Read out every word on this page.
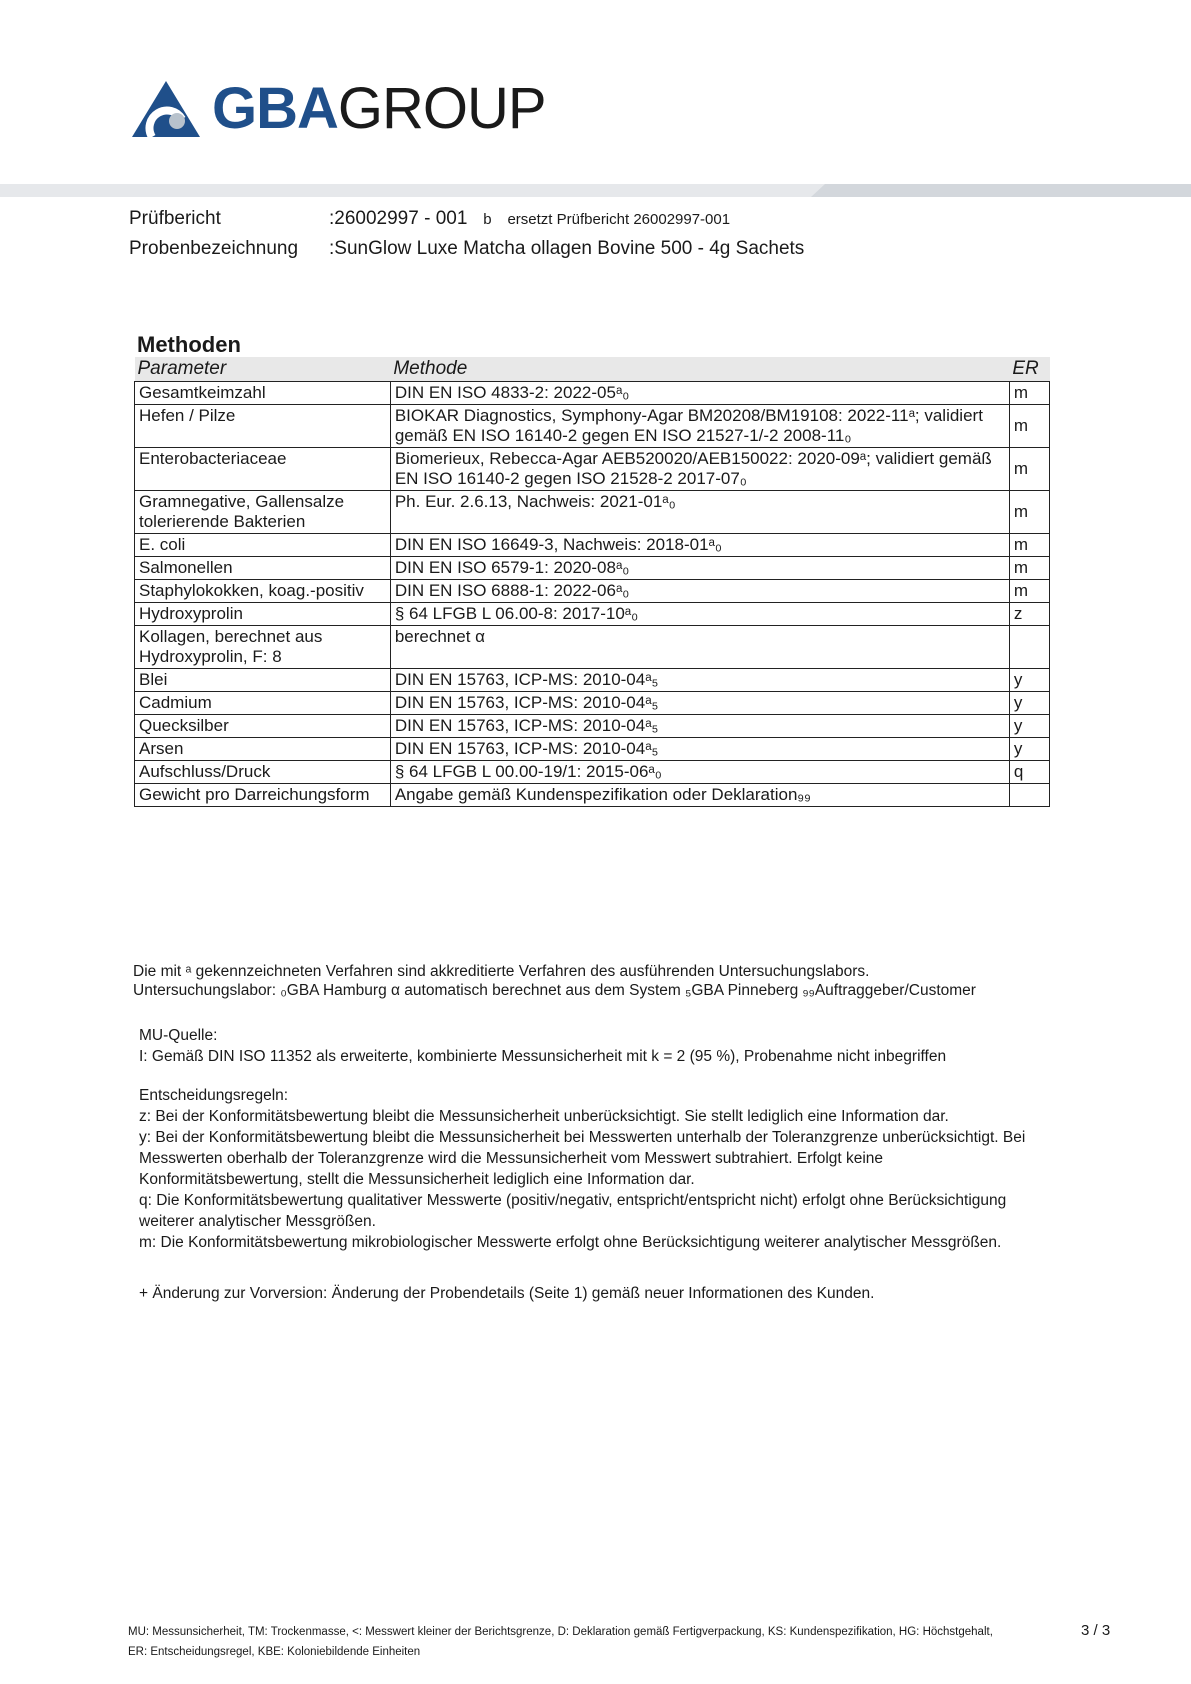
GBAGROUP
Prüfbericht	:26002997 - 001 b ersetzt Prüfbericht 26002997-001
Probenbezeichnung :SunGlow Luxe Matcha ollagen Bovine 500 - 4g Sachets
Methoden
Parameter	Methode	ER
Gesamtkeimzahl	DIN EN ISO 4833-2: 2022-05ᵃ₀	m
Hefen / Pilze	BIOKAR Diagnostics, Symphony-Agar BM20208/BM19108: 2022-11ᵃ; validiert gemäß EN ISO 16140-2 gegen EN ISO 21527-1/-2 2008-11₀	m
Enterobacteriaceae	Biomerieux, Rebecca-Agar AEB520020/AEB150022: 2020-09ᵃ; validiert gemäß EN ISO 16140-2 gegen ISO 21528-2 2017-07₀	m
Gramnegative, Gallensalze tolerierende Bakterien	Ph. Eur. 2.6.13, Nachweis: 2021-01ᵃ₀	m
E. coli	DIN EN ISO 16649-3, Nachweis: 2018-01ᵃ₀	m
Salmonellen	DIN EN ISO 6579-1: 2020-08ᵃ₀	m
Staphylokokken, koag.-positiv	DIN EN ISO 6888-1: 2022-06ᵃ₀	m
Hydroxyprolin	§ 64 LFGB L 06.00-8: 2017-10ᵃ₀	z
Kollagen, berechnet aus Hydroxyprolin, F: 8	berechnet α	
Blei	DIN EN 15763, ICP-MS: 2010-04ᵃ₅	y
Cadmium	DIN EN 15763, ICP-MS: 2010-04ᵃ₅	y
Quecksilber	DIN EN 15763, ICP-MS: 2010-04ᵃ₅	y
Arsen	DIN EN 15763, ICP-MS: 2010-04ᵃ₅	y
Aufschluss/Druck	§ 64 LFGB L 00.00-19/1: 2015-06ᵃ₀	q
Gewicht pro Darreichungsform	Angabe gemäß Kundenspezifikation oder Deklaration₉₉	

Die mit ᵃ gekennzeichneten Verfahren sind akkreditierte Verfahren des ausführenden Untersuchungslabors.

Untersuchungslabor: ₀GBA Hamburg α automatisch berechnet aus dem System ₅GBA Pinneberg ₉₉Auftraggeber/Customer

MU-Quelle:

I: Gemäß DIN ISO 11352 als erweiterte, kombinierte Messunsicherheit mit k = 2 (95 %), Probenahme nicht inbegriffen

Entscheidungsregeln:

z: Bei der Konformitätsbewertung bleibt die Messunsicherheit unberücksichtigt. Sie stellt lediglich eine Information dar.

y: Bei der Konformitätsbewertung bleibt die Messunsicherheit bei Messwerten unterhalb der Toleranzgrenze unberücksichtigt. Bei

Messwerten oberhalb der Toleranzgrenze wird die Messunsicherheit vom Messwert subtrahiert. Erfolgt keine

Konformitätsbewertung, stellt die Messunsicherheit lediglich eine Information dar.

q: Die Konformitätsbewertung qualitativer Messwerte (positiv/negativ, entspricht/entspricht nicht) erfolgt ohne Berücksichtigung

weiterer analytischer Messgrößen.

m: Die Konformitätsbewertung mikrobiologischer Messwerte erfolgt ohne Berücksichtigung weiterer analytischer Messgrößen.

+ Änderung zur Vorversion: Änderung der Probendetails (Seite 1) gemäß neuer Informationen des Kunden.

MU: Messunsicherheit, TM: Trockenmasse, <: Messwert kleiner der Berichtsgrenze, D: Deklaration gemäß Fertigverpackung, KS: Kundenspezifikation, HG: Höchstgehalt,

ER: Entscheidungsregel, KBE: Koloniebildende Einheiten

3 / 3
